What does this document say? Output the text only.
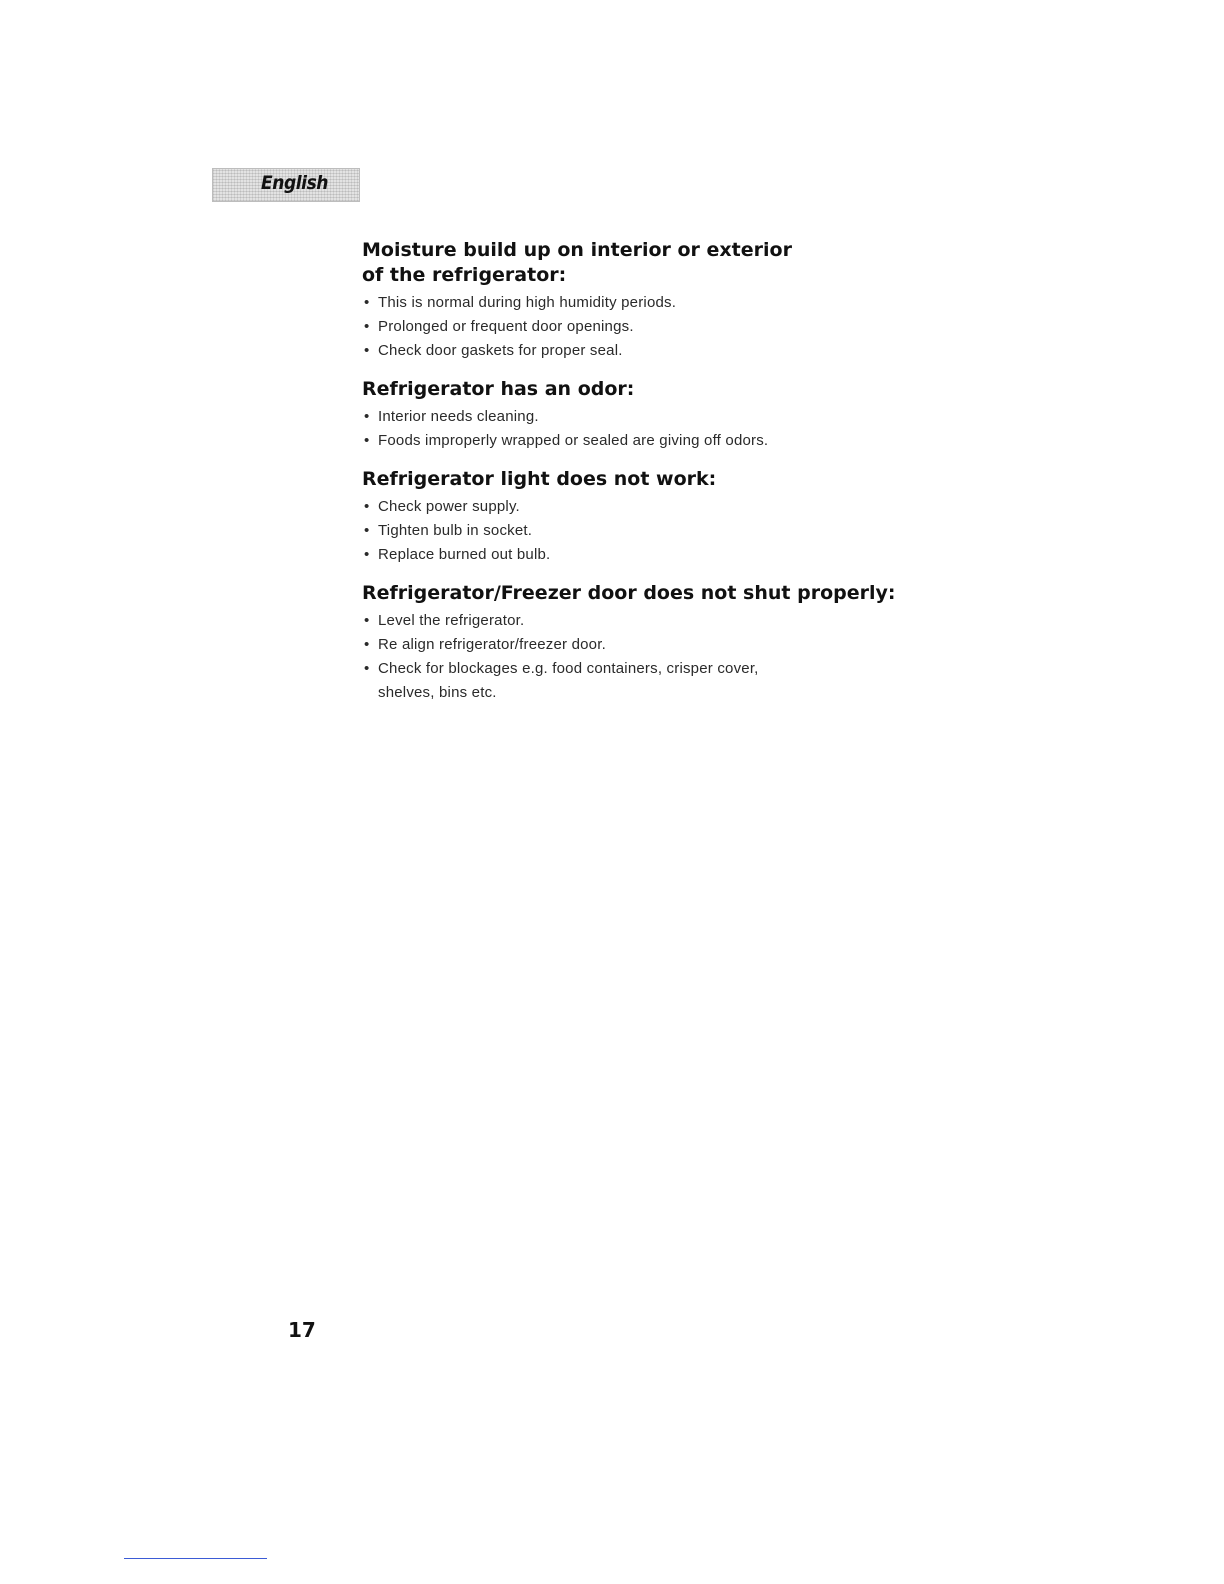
English
Moisture build up on interior or exterior
of the refrigerator:
• This is normal during high humidity periods.
• Prolonged or frequent door openings.
• Check door gaskets for proper seal.
Refrigerator has an odor:
• Interior needs cleaning.
• Foods improperly wrapped or sealed are giving off odors.
Refrigerator light does not work:
• Check power supply.
• Tighten bulb in socket.
• Replace burned out bulb.
Refrigerator/Freezer door does not shut properly:
• Level the refrigerator.
• Re align refrigerator/freezer door.
• Check for blockages e.g. food containers, crisper cover, shelves, bins etc.
17
